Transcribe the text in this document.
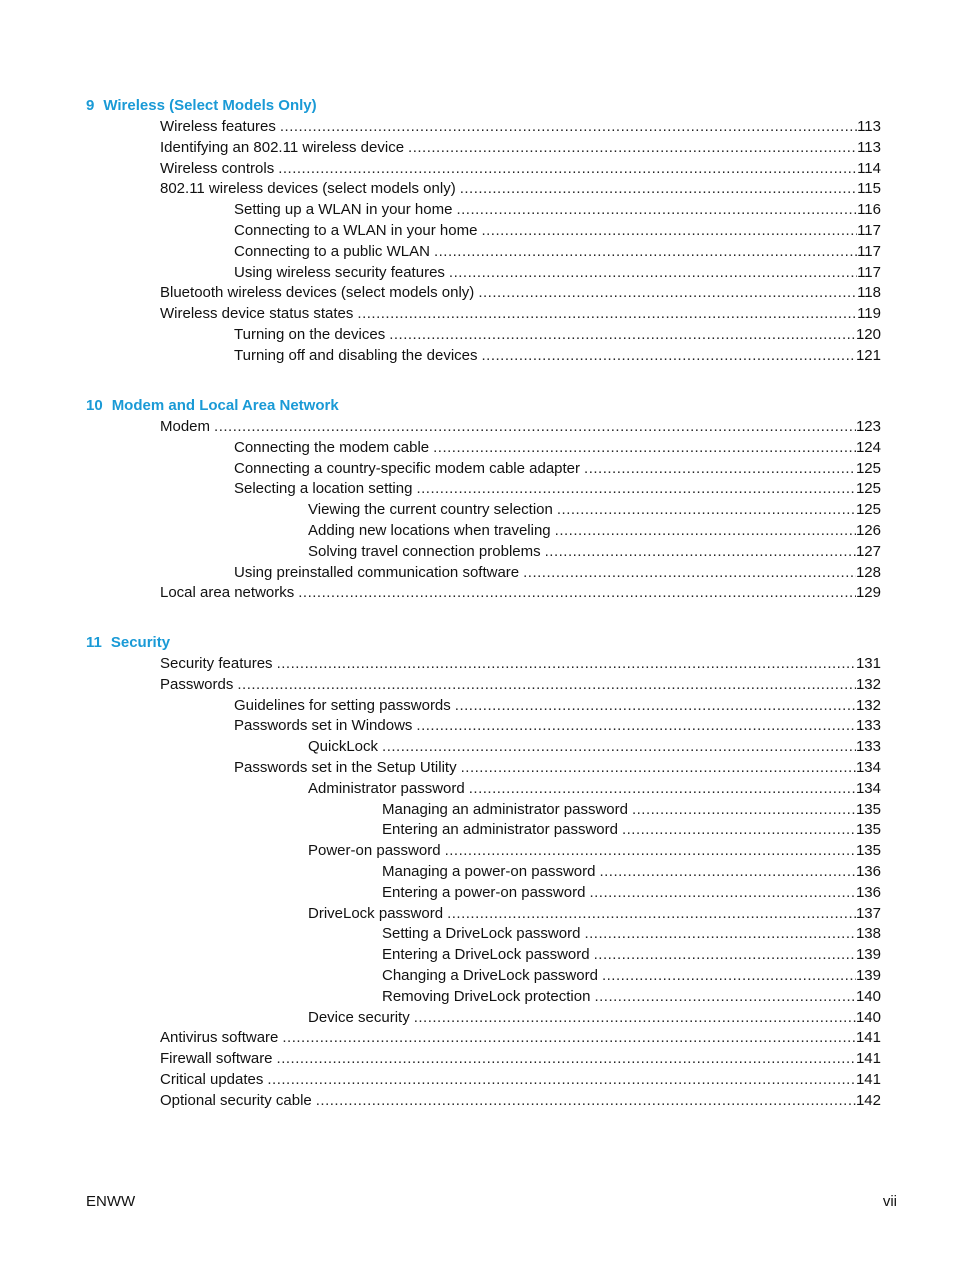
9 Wireless (Select Models Only)
Wireless features .....	113
Identifying an 802.11 wireless device .....	113
Wireless controls .....	114
802.11 wireless devices (select models only) .....	115
Setting up a WLAN in your home .....	116
Connecting to a WLAN in your home .....	117
Connecting to a public WLAN .....	117
Using wireless security features .....	117
Bluetooth wireless devices (select models only) .....	118
Wireless device status states .....	119
Turning on the devices .....	120
Turning off and disabling the devices .....	121
10 Modem and Local Area Network
Modem .....	123
Connecting the modem cable .....	124
Connecting a country-specific modem cable adapter .....	125
Selecting a location setting .....	125
Viewing the current country selection .....	125
Adding new locations when traveling .....	126
Solving travel connection problems .....	127
Using preinstalled communication software .....	128
Local area networks .....	129
11 Security
Security features .....	131
Passwords .....	132
Guidelines for setting passwords .....	132
Passwords set in Windows .....	133
QuickLock .....	133
Passwords set in the Setup Utility .....	134
Administrator password .....	134
Managing an administrator password .....	135
Entering an administrator password .....	135
Power-on password .....	135
Managing a power-on password .....	136
Entering a power-on password .....	136
DriveLock password .....	137
Setting a DriveLock password .....	138
Entering a DriveLock password .....	139
Changing a DriveLock password .....	139
Removing DriveLock protection .....	140
Device security .....	140
Antivirus software .....	141
Firewall software .....	141
Critical updates .....	141
Optional security cable .....	142
ENWW	vii
